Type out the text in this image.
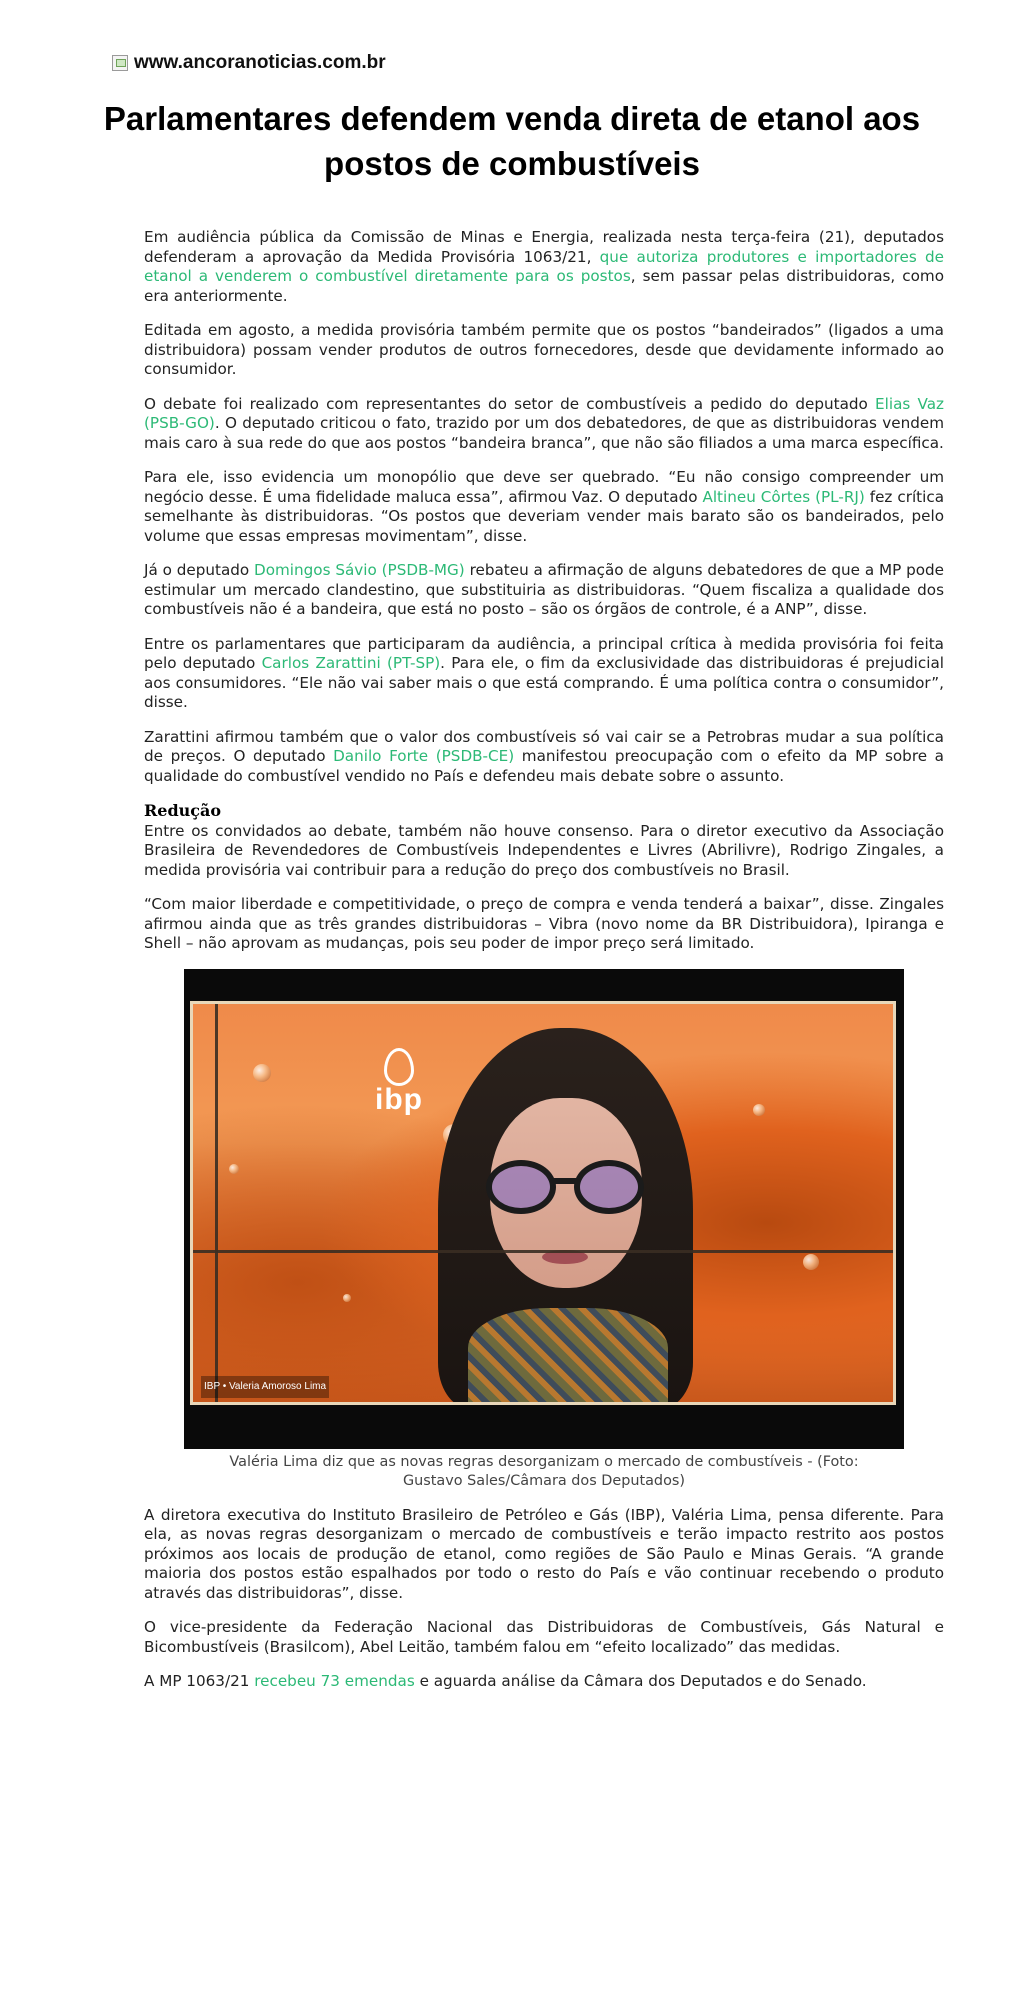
www.ancoranoticias.com.br
Parlamentares defendem venda direta de etanol aos postos de combustíveis

Em audiência pública da Comissão de Minas e Energia, realizada nesta terça-feira (21), deputados defenderam a aprovação da Medida Provisória 1063/21, que autoriza produtores e importadores de etanol a venderem o combustível diretamente para os postos, sem passar pelas distribuidoras, como era anteriormente.

Editada em agosto, a medida provisória também permite que os postos “bandeirados” (ligados a uma distribuidora) possam vender produtos de outros fornecedores, desde que devidamente informado ao consumidor.

O debate foi realizado com representantes do setor de combustíveis a pedido do deputado Elias Vaz (PSB-GO). O deputado criticou o fato, trazido por um dos debatedores, de que as distribuidoras vendem mais caro à sua rede do que aos postos “bandeira branca”, que não são filiados a uma marca específica.

Para ele, isso evidencia um monopólio que deve ser quebrado. “Eu não consigo compreender um negócio desse. É uma fidelidade maluca essa”, afirmou Vaz. O deputado Altineu Côrtes (PL-RJ) fez crítica semelhante às distribuidoras. “Os postos que deveriam vender mais barato são os bandeirados, pelo volume que essas empresas movimentam”, disse.

Já o deputado Domingos Sávio (PSDB-MG) rebateu a afirmação de alguns debatedores de que a MP pode estimular um mercado clandestino, que substituiria as distribuidoras. “Quem fiscaliza a qualidade dos combustíveis não é a bandeira, que está no posto – são os órgãos de controle, é a ANP”, disse.

Entre os parlamentares que participaram da audiência, a principal crítica à medida provisória foi feita pelo deputado Carlos Zarattini (PT-SP). Para ele, o fim da exclusividade das distribuidoras é prejudicial aos consumidores. “Ele não vai saber mais o que está comprando. É uma política contra o consumidor”, disse.

Zarattini afirmou também que o valor dos combustíveis só vai cair se a Petrobras mudar a sua política de preços. O deputado Danilo Forte (PSDB-CE) manifestou preocupação com o efeito da MP sobre a qualidade do combustível vendido no País e defendeu mais debate sobre o assunto.

Redução
Entre os convidados ao debate, também não houve consenso. Para o diretor executivo da Associação Brasileira de Revendedores de Combustíveis Independentes e Livres (Abrilivre), Rodrigo Zingales, a medida provisória vai contribuir para a redução do preço dos combustíveis no Brasil.

“Com maior liberdade e competitividade, o preço de compra e venda tenderá a baixar”, disse. Zingales afirmou ainda que as três grandes distribuidoras – Vibra (novo nome da BR Distribuidora), Ipiranga e Shell – não aprovam as mudanças, pois seu poder de impor preço será limitado.

ibp
IBP • Valeria Amoroso Lima
Valéria Lima diz que as novas regras desorganizam o mercado de combustíveis - (Foto: Gustavo Sales/Câmara dos Deputados)

A diretora executiva do Instituto Brasileiro de Petróleo e Gás (IBP), Valéria Lima, pensa diferente. Para ela, as novas regras desorganizam o mercado de combustíveis e terão impacto restrito aos postos próximos aos locais de produção de etanol, como regiões de São Paulo e Minas Gerais. “A grande maioria dos postos estão espalhados por todo o resto do País e vão continuar recebendo o produto através das distribuidoras”, disse.

O vice-presidente da Federação Nacional das Distribuidoras de Combustíveis, Gás Natural e Bicombustíveis (Brasilcom), Abel Leitão, também falou em “efeito localizado” das medidas.

A MP 1063/21 recebeu 73 emendas e aguarda análise da Câmara dos Deputados e do Senado.
